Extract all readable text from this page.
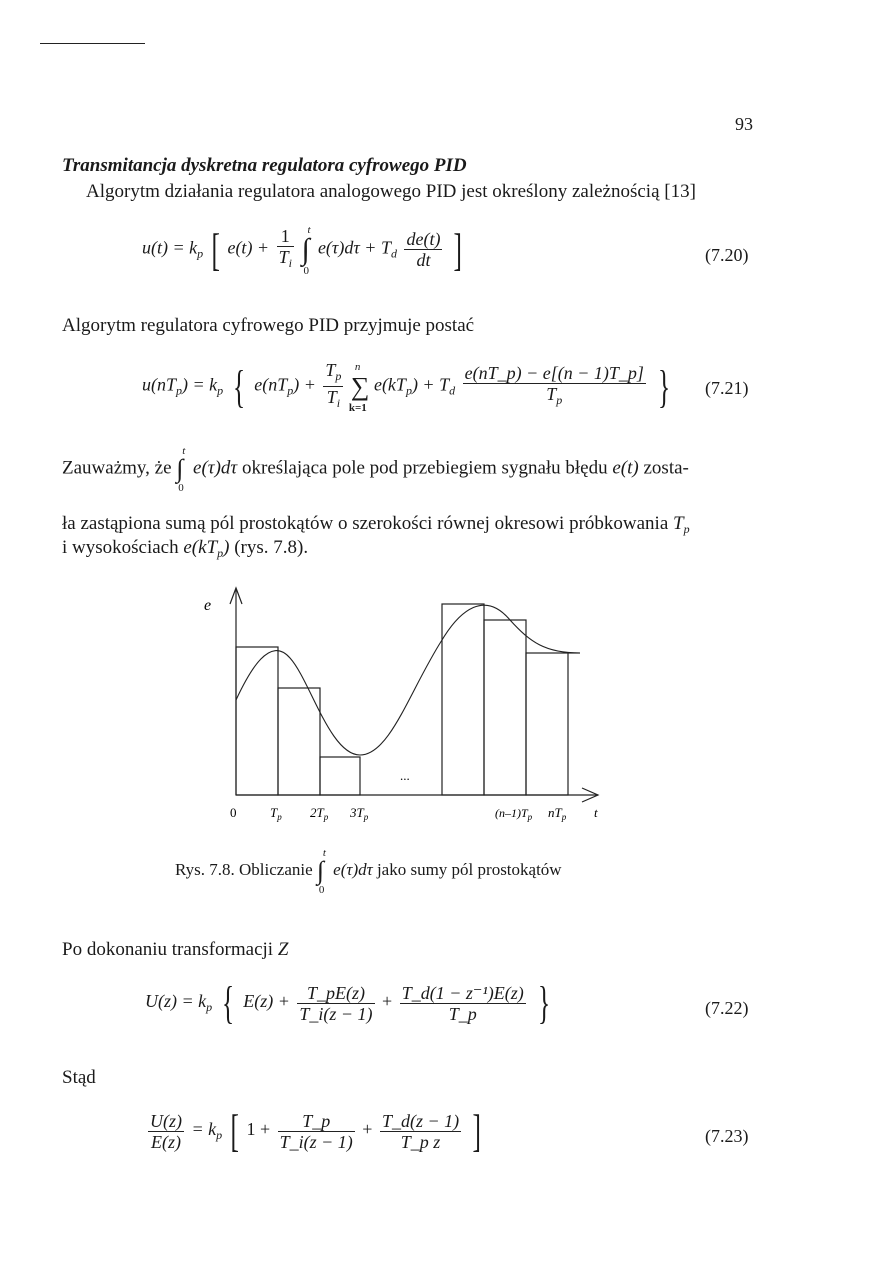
93
Transmitancja dyskretna regulatora cyfrowego PID
Algorytm działania regulatora analogowego PID jest określony zależnością [13]
$u(t) = k_p$ [ $e(t) + \frac{1}{T_i}$ ∫
t
0
$e(\tau)d\tau + T_d \frac{de(t)}{dt}$ ]	(7.20)
Algorytm regulatora cyfrowego PID przyjmuje postać
$u(nT_p) = k_p$ { $e(nT_p) + \frac{T_p}{T_i}$ ∑
n
k=1
$e(kT_p) + T_d \frac{e(nT\_p) - e[(n - 1)T\_p]}{T_p}$ } (7.21)
Zauważmy, że ∫
t
0
e(τ)dτ określająca pole pod przebiegiem sygnału błędu e(t) zosta-
ła zastąpiona sumą pól prostokątów o szerokości równej okresowi próbkowania $T_p$
i wysokościach $e(kT_p)$ (rys. 7.8).
e
...
0	$T_p$ $2T_p$ $3T_p$	$(n-1)T_p$ $nT_p$ t
Rys. 7.8. Obliczanie ∫
t
0
e(τ)dτ jako sumy pól prostokątów
Po dokonaniu transformacji Z
$U(z) = k_p$ { $E(z) + \frac{T\_pE(z)}{T\_i(z - 1)} + \frac{\text{T\_d(1 − z⁻¹)E(z)}}{T\_p}$ }	(7.22)
Stąd
$\frac{U(z)}{E(z)} = k_p$ [ $1 + \frac{T\_p}{T\_i(z - 1)} + \frac{T\_d(z - 1)}{\text{T\_p z}}$ ]	(7.23)
